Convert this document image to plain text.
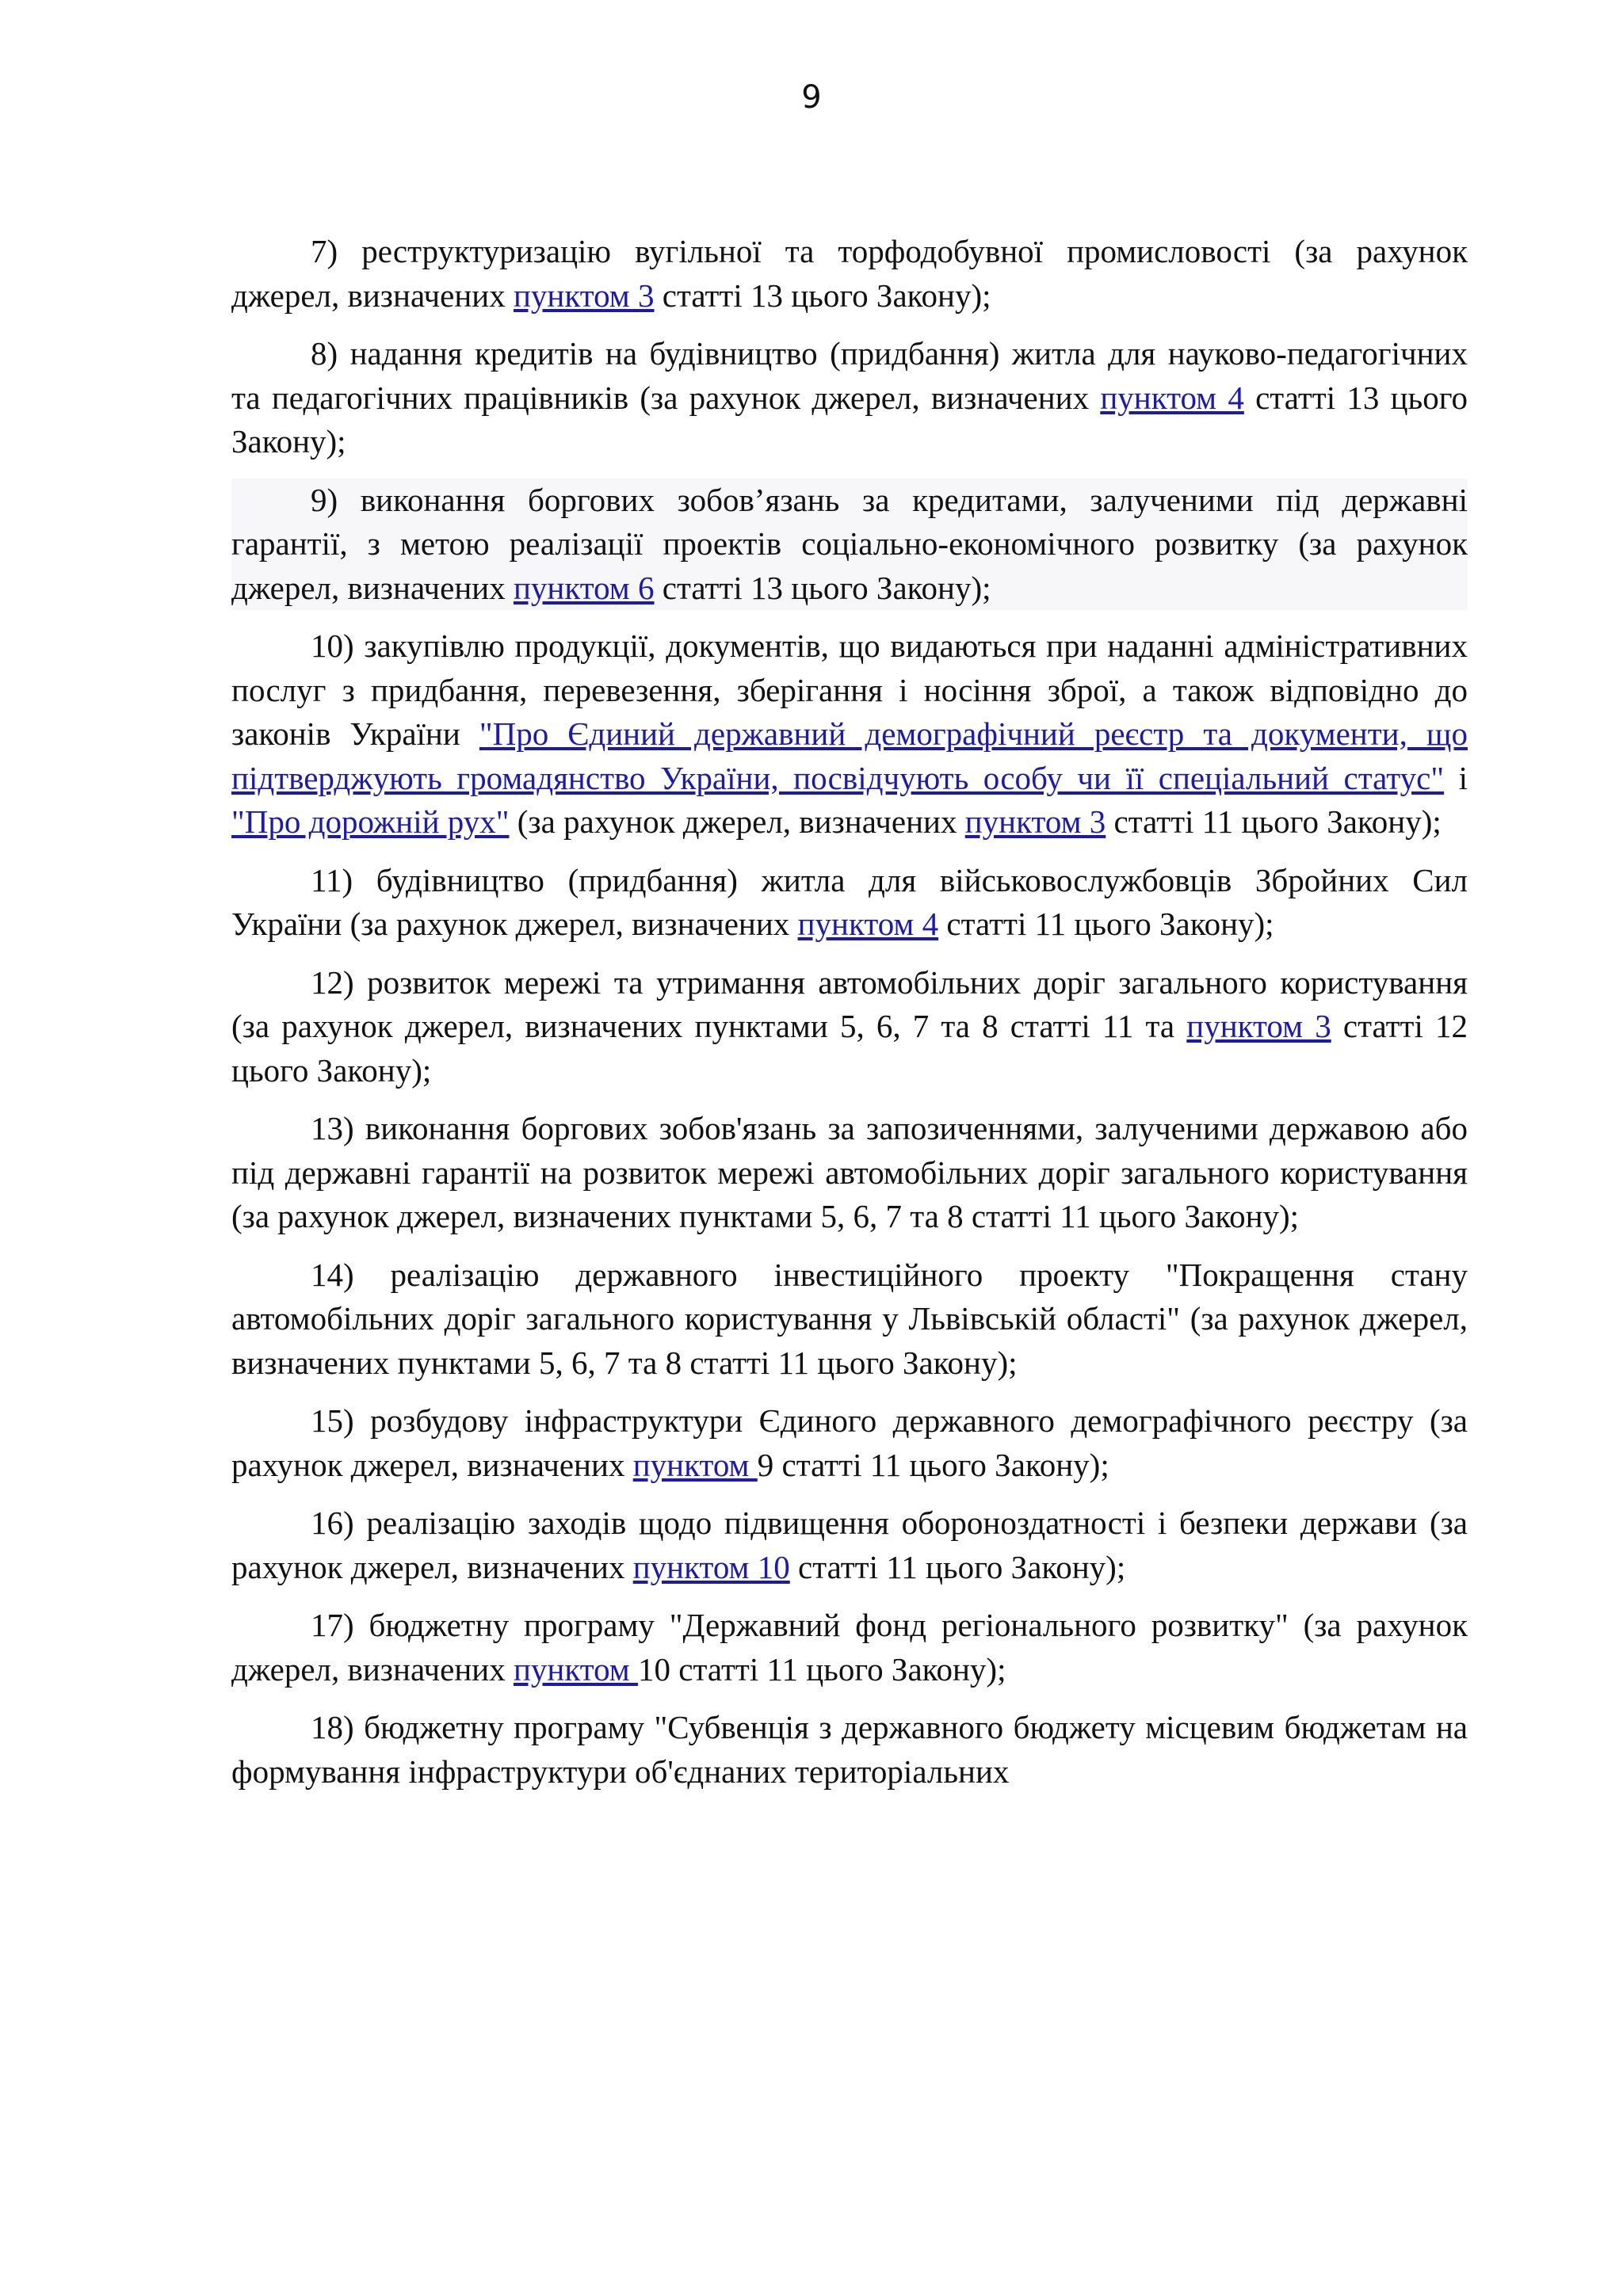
9

7) реструктуризацію вугільної та торфодобувної промисловості (за рахунок джерел, визначених пунктом 3 статті 13 цього Закону);

8) надання кредитів на будівництво (придбання) житла для науково-педагогічних та педагогічних працівників (за рахунок джерел, визначених пунктом 4 статті 13 цього Закону);

9) виконання боргових зобов’язань за кредитами, залученими під державні гарантії, з метою реалізації проектів соціально-економічного розвитку (за рахунок джерел, визначених пунктом 6 статті 13 цього Закону);

10) закупівлю продукції, документів, що видаються при наданні адміністративних послуг з придбання, перевезення, зберігання і носіння зброї, а також відповідно до законів України "Про Єдиний державний демографічний реєстр та документи, що підтверджують громадянство України, посвідчують особу чи її спеціальний статус" і "Про дорожній рух" (за рахунок джерел, визначених пунктом 3 статті 11 цього Закону);

11) будівництво (придбання) житла для військовослужбовців Збройних Сил України (за рахунок джерел, визначених пунктом 4 статті 11 цього Закону);

12) розвиток мережі та утримання автомобільних доріг загального користування (за рахунок джерел, визначених пунктами 5, 6, 7 та 8 статті 11 та пунктом 3 статті 12 цього Закону);

13) виконання боргових зобов'язань за запозиченнями, залученими державою або під державні гарантії на розвиток мережі автомобільних доріг загального користування (за рахунок джерел, визначених пунктами 5, 6, 7 та 8 статті 11 цього Закону);

14) реалізацію державного інвестиційного проекту "Покращення стану автомобільних доріг загального користування у Львівській області" (за рахунок джерел, визначених пунктами 5, 6, 7 та 8 статті 11 цього Закону);

15) розбудову інфраструктури Єдиного державного демографічного реєстру (за рахунок джерел, визначених пунктом 9 статті 11 цього Закону);

16) реалізацію заходів щодо підвищення обороноздатності і безпеки держави (за рахунок джерел, визначених пунктом 10 статті 11 цього Закону);

17) бюджетну програму "Державний фонд регіонального розвитку" (за рахунок джерел, визначених пунктом 10 статті 11 цього Закону);

18) бюджетну програму "Субвенція з державного бюджету місцевим бюджетам на формування інфраструктури об'єднаних територіальних
